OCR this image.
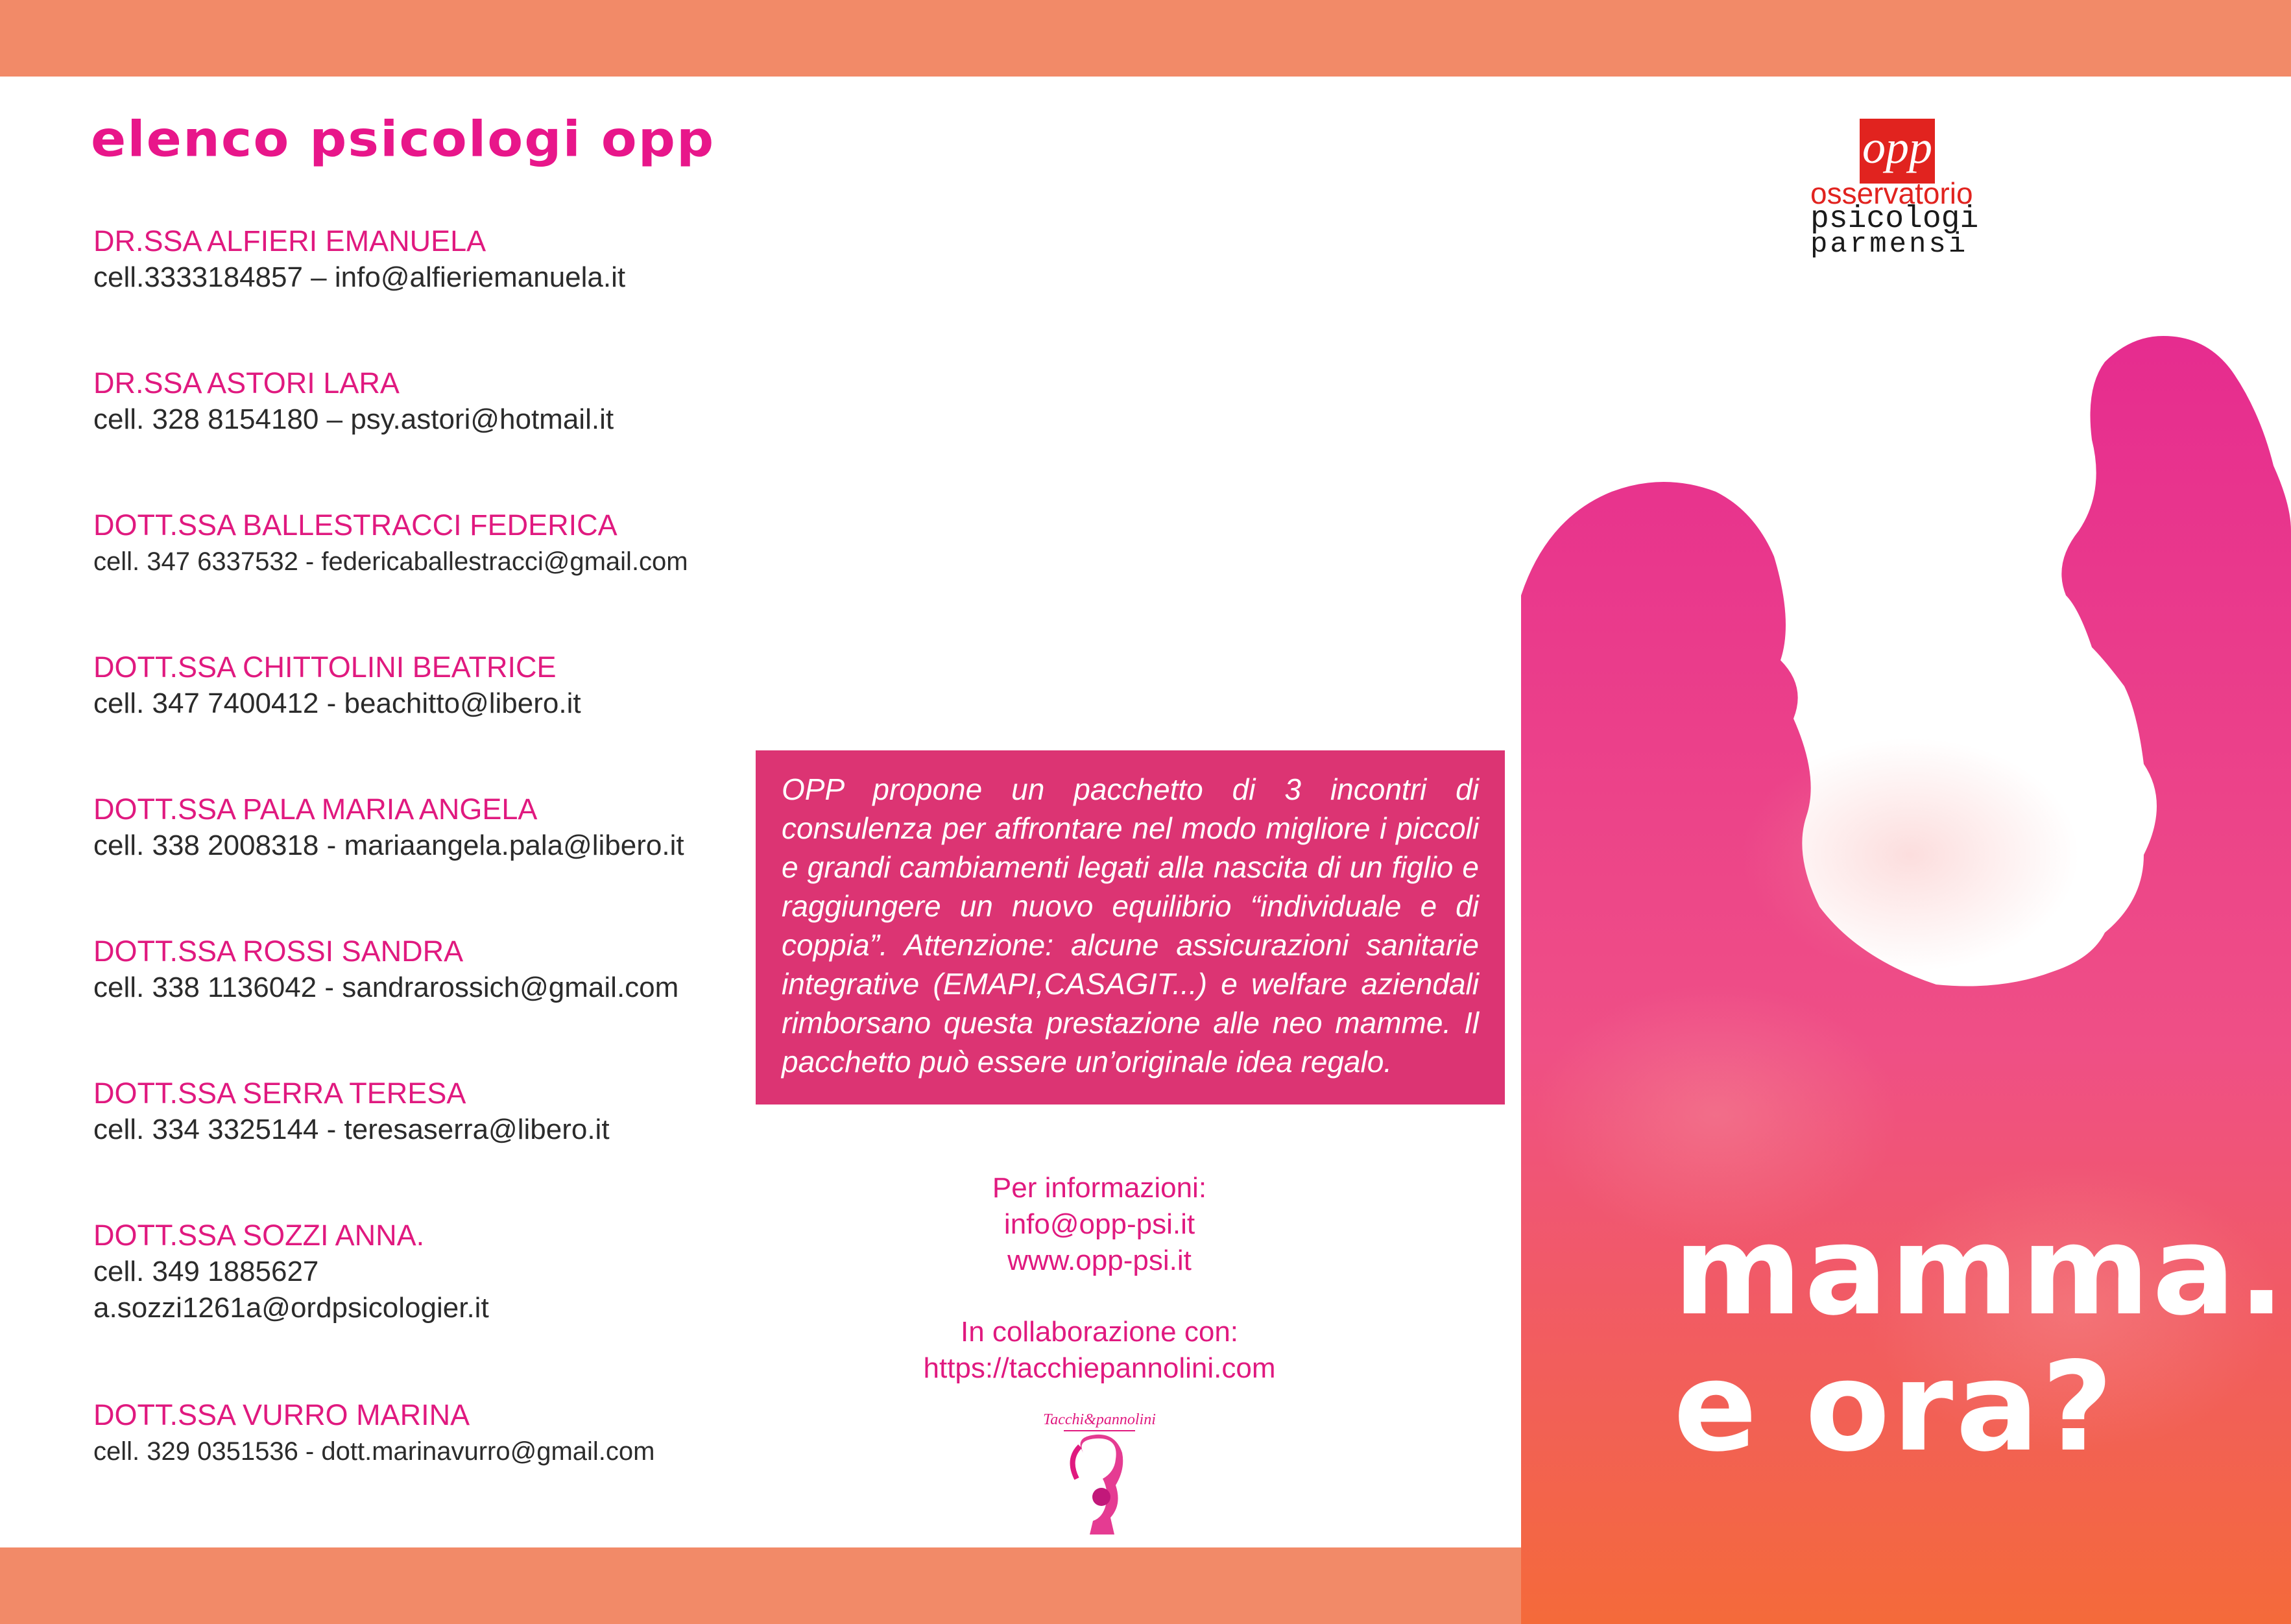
elenco psicologi opp
DR.SSA ALFIERI EMANUELA
cell.3333184857 – info@alfieriemanuela.it
DR.SSA ASTORI LARA
cell. 328 8154180 – psy.astori@hotmail.it
DOTT.SSA BALLESTRACCI FEDERICA
cell. 347 6337532 - federicaballestracci@gmail.com
DOTT.SSA CHITTOLINI BEATRICE
cell. 347 7400412 - beachitto@libero.it
DOTT.SSA PALA MARIA ANGELA
cell. 338 2008318 - mariaangela.pala@libero.it
DOTT.SSA ROSSI SANDRA
cell. 338 1136042 - sandrarossich@gmail.com
DOTT.SSA SERRA TERESA
cell. 334 3325144 - teresaserra@libero.it
DOTT.SSA SOZZI ANNA.
cell. 349 1885627
a.sozzi1261a@ordpsicologier.it
DOTT.SSA VURRO MARINA
cell. 329 0351536 - dott.marinavurro@gmail.com

OPP propone un pacchetto di 3 incontri di consulenza per affrontare nel modo migliore i piccoli e grandi cambiamenti legati alla nascita di un figlio e raggiungere un nuovo equilibrio “individuale e di coppia”. Attenzione: alcune assicurazioni sanitarie integrative (EMAPI,CASAGIT...) e welfare aziendali rimborsano questa prestazione alle neo mamme. Il pacchetto può essere un’originale idea regalo.

Per informazioni:
info@opp-psi.it
www.opp-psi.it
In collaborazione con:
https://tacchiepannolini.com
Tacchi&pannolini
mamma.
e ora?
opp
osservatorio
psicologi
parmensi
